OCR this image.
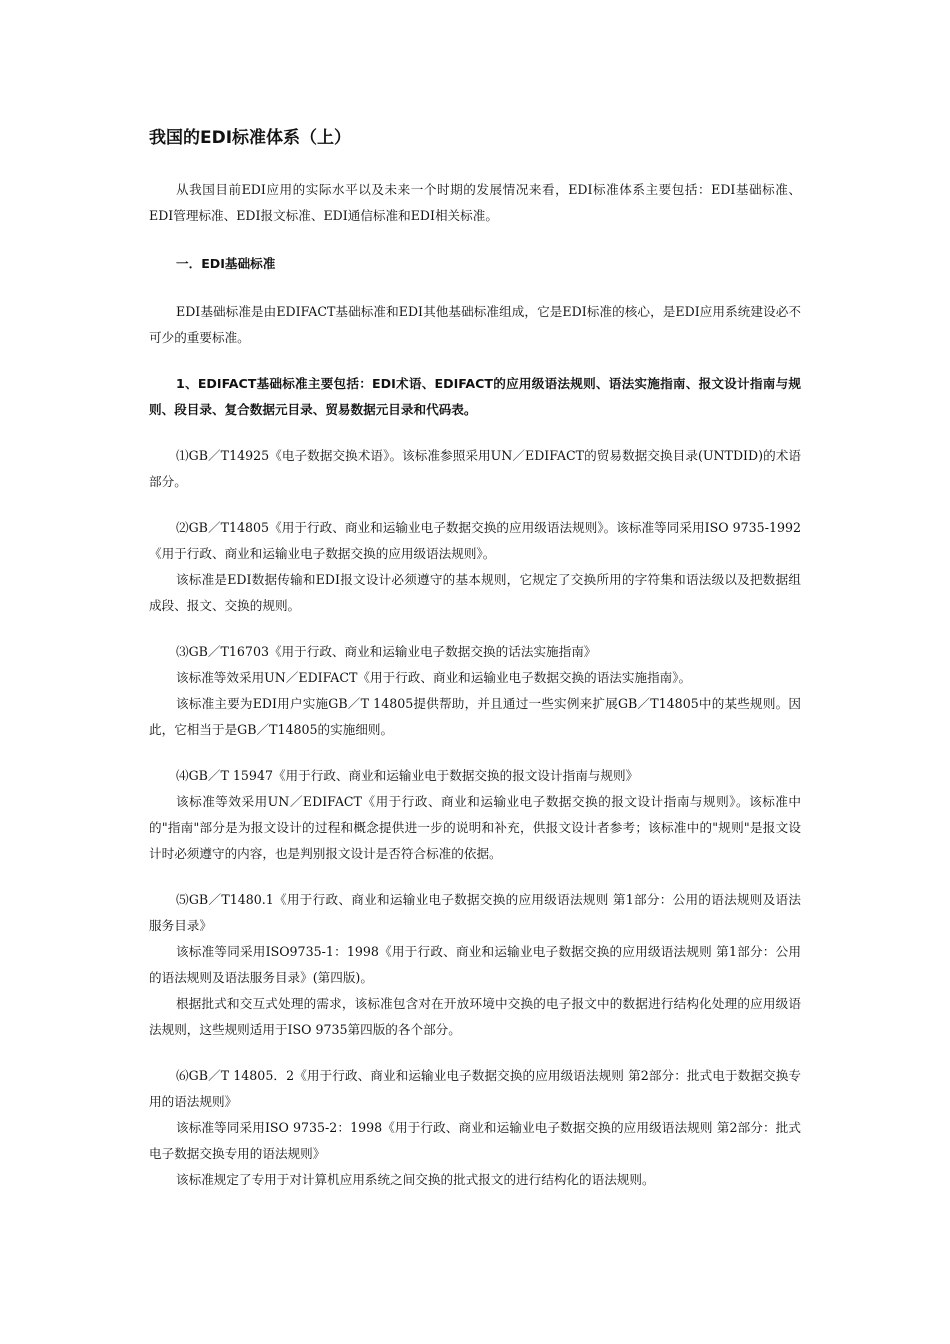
我国的EDI标准体系（上）

从我国目前EDI应用的实际水平以及未来一个时期的发展情况来看，EDI标准体系主要包括：EDI基础标准、EDI管理标准、EDI报文标准、EDI通信标准和EDI相关标准。

一．EDI基础标准

EDI基础标准是由EDIFACT基础标准和EDI其他基础标准组成，它是EDI标准的核心，是EDI应用系统建设必不可少的重要标准。

1、EDIFACT基础标准主要包括：EDI术语、EDIFACT的应用级语法规则、语法实施指南、报文设计指南与规则、段目录、复合数据元目录、贸易数据元目录和代码表。

⑴GB／T14925《电子数据交换术语》。该标准参照采用UN／EDIFACT的贸易数据交换目录(UNTDID)的术语部分。

⑵GB／T14805《用于行政、商业和运输业电子数据交换的应用级语法规则》。该标准等同采用ISO 9735-1992《用于行政、商业和运输业电子数据交换的应用级语法规则》。

该标准是EDI数据传输和EDI报文设计必须遵守的基本规则，它规定了交换所用的字符集和语法级以及把数据组成段、报文、交换的规则。

⑶GB／T16703《用于行政、商业和运输业电子数据交换的话法实施指南》

该标准等效采用UN／EDIFACT《用于行政、商业和运输业电子数据交换的语法实施指南》。

该标准主要为EDI用户实施GB／T 14805提供帮助，并且通过一些实例来扩展GB／T14805中的某些规则。因此，它相当于是GB／T14805的实施细则。

⑷GB／T 15947《用于行政、商业和运输业电于数据交换的报文设计指南与规则》

该标准等效采用UN／EDIFACT《用于行政、商业和运输业电子数据交换的报文设计指南与规则》。该标准中的"指南"部分是为报文设计的过程和概念提供进一步的说明和补充，供报文设计者参考；该标准中的"规则"是报文设计时必须遵守的内容，也是判别报文设计是否符合标准的依据。

⑸GB／T1480.1《用于行政、商业和运输业电子数据交换的应用级语法规则 第1部分：公用的语法规则及语法服务目录》

该标准等同采用ISO9735-1：1998《用于行政、商业和运输业电子数据交换的应用级语法规则 第1部分：公用的语法规则及语法服务目录》(第四版)。

根据批式和交互式处理的需求，该标准包含对在开放环境中交换的电子报文中的数据进行结构化处理的应用级语法规则，这些规则适用于ISO 9735第四版的各个部分。

⑹GB／T 14805．2《用于行政、商业和运输业电子数据交换的应用级语法规则 第2部分：批式电于数据交换专用的语法规则》

该标准等同采用ISO 9735-2：1998《用于行政、商业和运输业电子数据交换的应用级语法规则 第2部分：批式电子数据交换专用的语法规则》

该标准规定了专用于对计算机应用系统之间交换的批式报文的进行结构化的语法规则。
